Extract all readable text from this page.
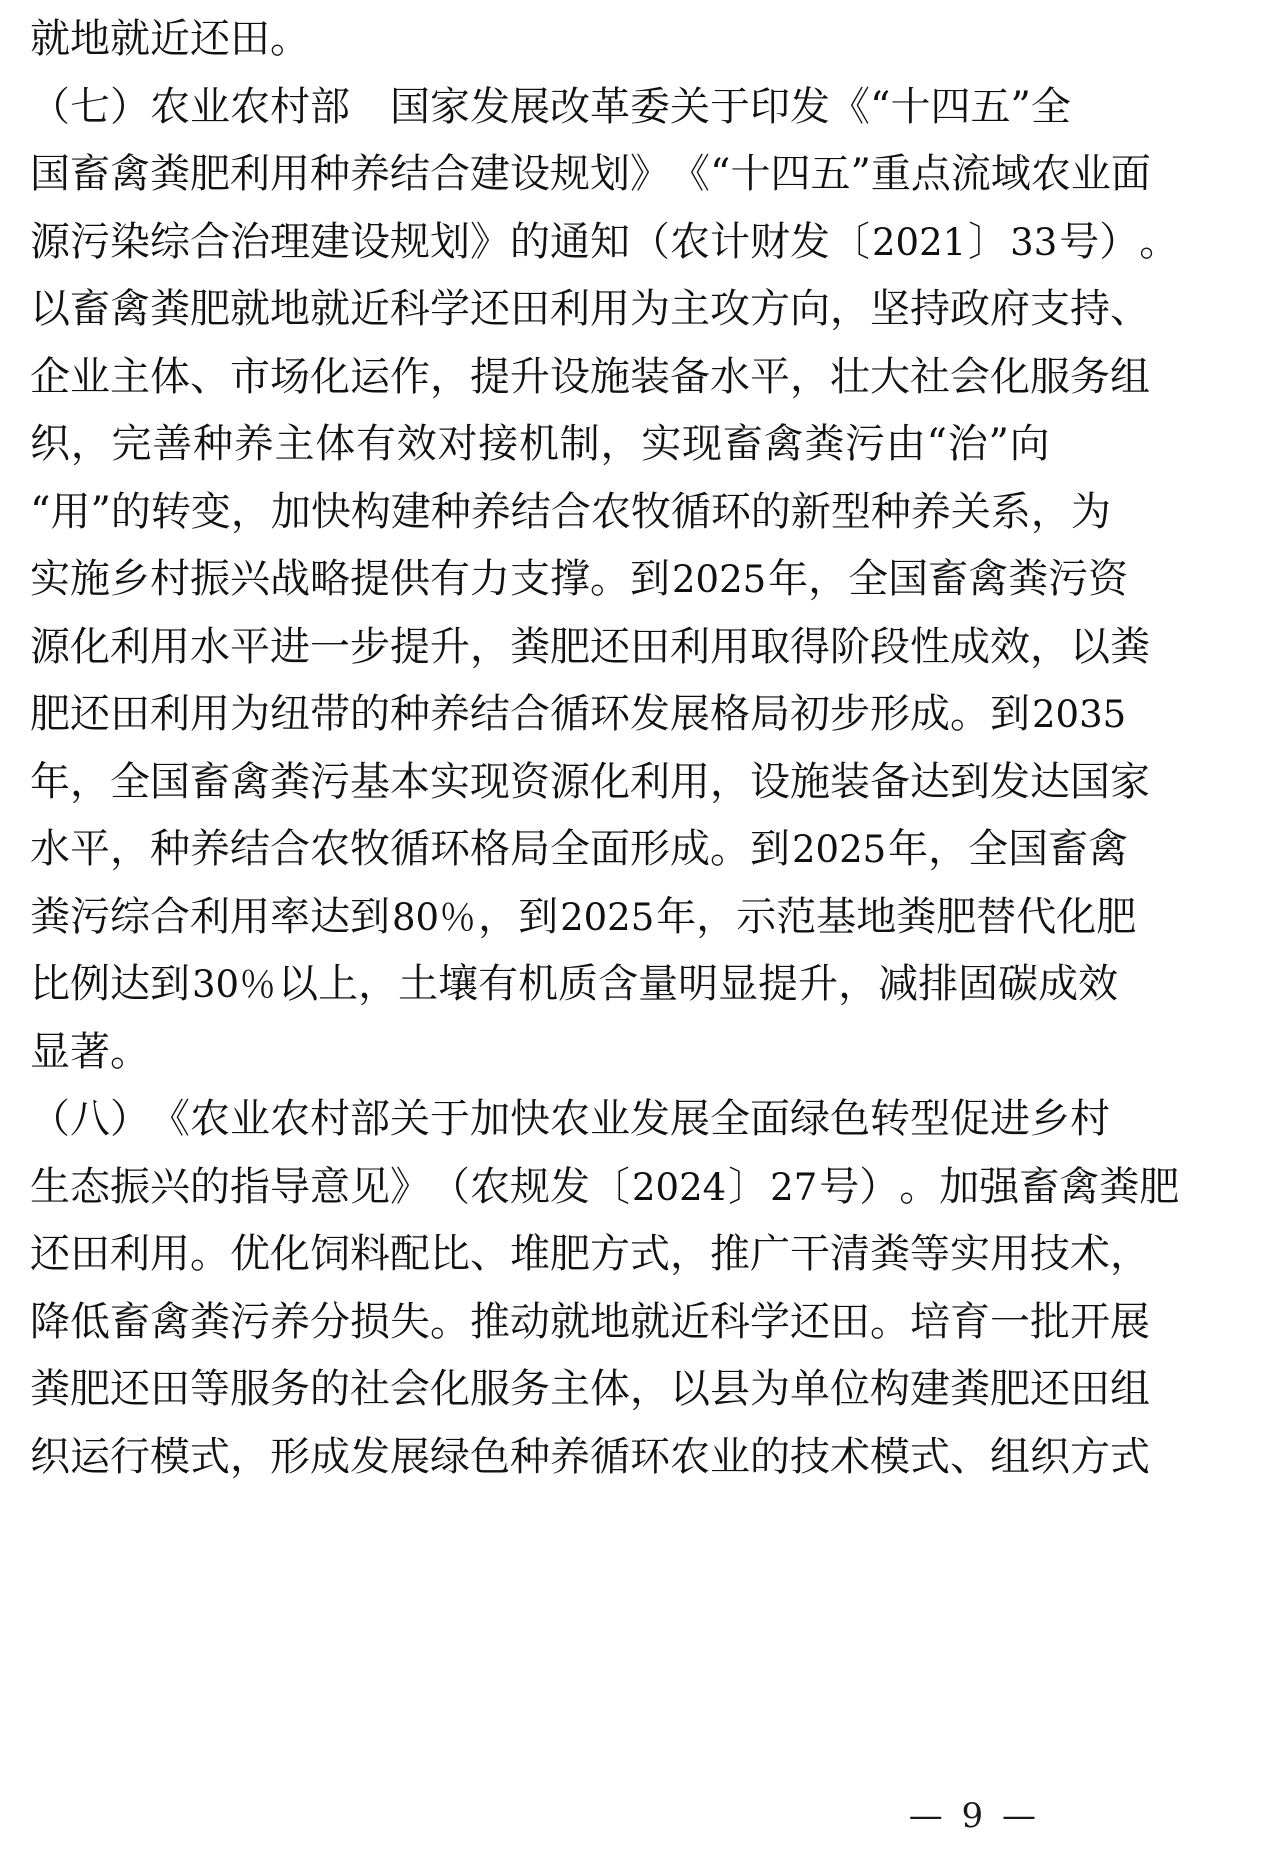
就地就近还田。
（ 七 ） 农 业 农 村 部
　 国 家 发 展 改 革 委 关 于 印 发 《 “ 十 四 五 ” 全
国 畜 禽 粪 肥 利 用 种 养 结 合 建 设 规 划 》 《 “ 十 四 五 ” 重 点 流 域 农 业 面
源 污 染 综 合 治 理 建 设 规 划 》 的 通 知 （ 农 计 财 发 〔 2021 〕 33 号 ） 。
以 畜 禽 粪 肥 就 地 就 近 科 学 还 田 利 用 为 主 攻 方 向 ， 坚 持 政 府 支 持 、
企 业 主 体 、 市 场 化 运 作 ， 提 升 设 施 装 备 水 平 ， 壮 大 社 会 化 服 务 组
织 ， 完 善 种 养 主 体 有 效 对 接 机 制 ， 实 现 畜 禽 粪 污 由 “ 治 ” 向
“ 用 ” 的 转 变 ， 加 快 构 建 种 养 结 合 农 牧 循 环 的 新 型 种 养 关 系 ， 为
实 施 乡 村 振 兴 战 略 提 供 有 力 支 撑 。 到 2025 年 ， 全 国 畜 禽 粪 污 资
源 化 利 用 水 平 进 一 步 提 升 ， 粪 肥 还 田 利 用 取 得 阶 段 性 成 效 ， 以 粪
肥 还 田 利 用 为 纽 带 的 种 养 结 合 循 环 发 展 格 局 初 步 形 成 。 到 2035
年 ， 全 国 畜 禽 粪 污 基 本 实 现 资 源 化 利 用 ， 设 施 装 备 达 到 发 达 国 家
水 平 ， 种 养 结 合 农 牧 循 环 格 局 全 面 形 成 。 到 2025 年 ， 全 国 畜 禽
粪 污 综 合 利 用 率 达 到 80％ ， 到 2025 年 ， 示 范 基 地 粪 肥 替 代 化 肥
比 例 达 到 30％ 以 上 ， 土 壤 有 机 质 含 量 明 显 提 升 ， 减 排 固 碳 成 效
显著。
（ 八 ） 《 农 业 农 村 部 关 于 加 快 农 业 发 展 全 面 绿 色 转 型 促 进 乡 村
生 态 振 兴 的 指 导 意 见 》 （ 农 规 发 〔 2024 〕 27 号 ） 。 加 强 畜 禽 粪 肥
还 田 利 用 。 优 化 饲 料 配 比 、 堆 肥 方 式 ， 推 广 干 清 粪 等 实 用 技 术 ，
降 低 畜 禽 粪 污 养 分 损 失 。 推 动 就 地 就 近 科 学 还 田 。 培 育 一 批 开 展
粪 肥 还 田 等 服 务 的 社 会 化 服 务 主 体 ， 以 县 为 单 位 构 建 粪 肥 还 田 组
织 运 行 模 式 ， 形 成 发 展 绿 色 种 养 循 环 农 业 的 技 术 模 式 、 组 织 方 式
— 9 —
